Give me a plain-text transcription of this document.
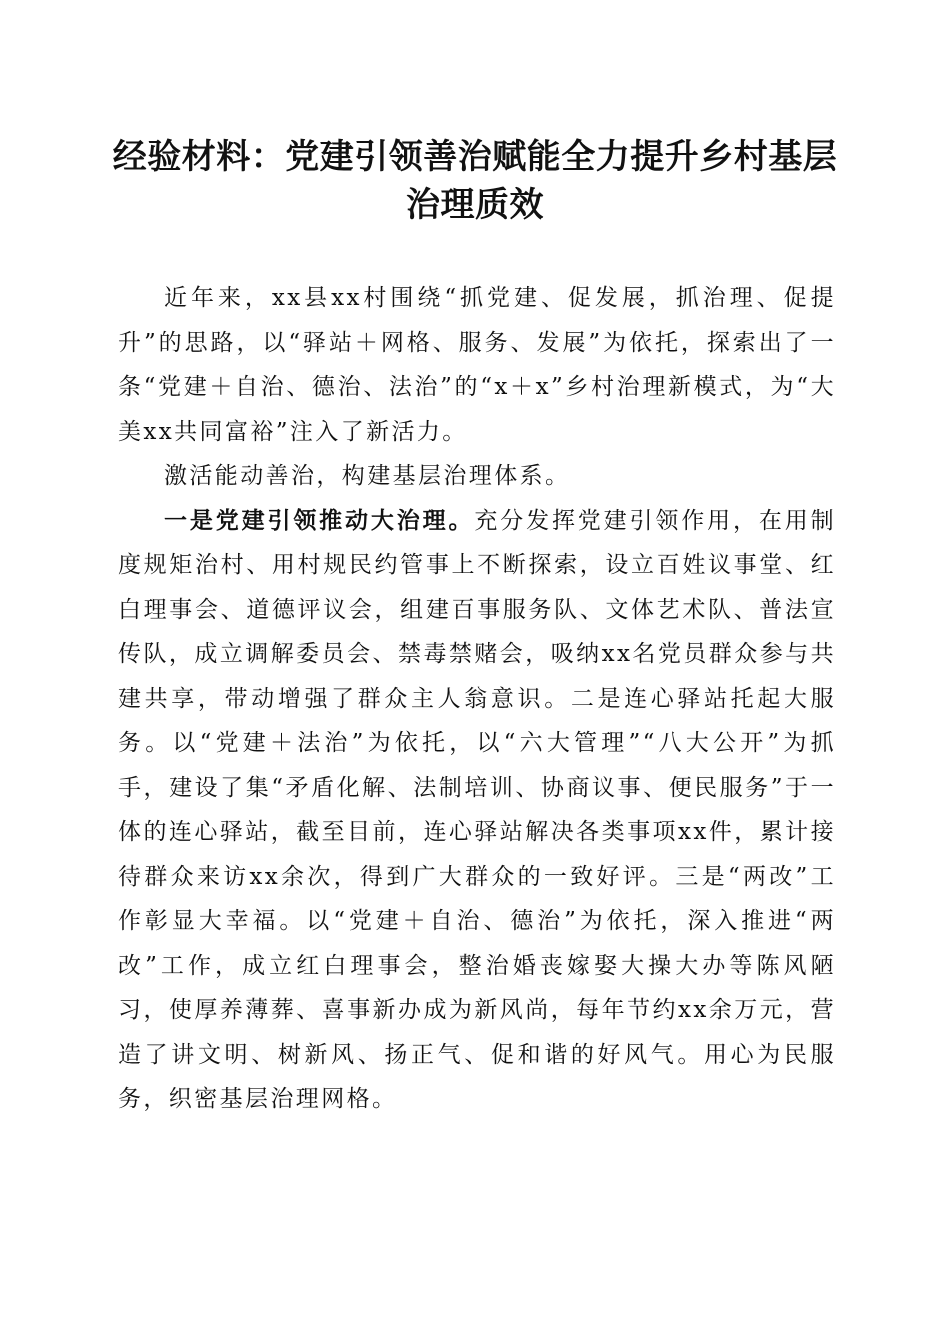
经验材料：党建引领善治赋能全力提升乡村基层治理质效

近年来，xx县xx村围绕“抓党建、促发展，抓治理、促提升”的思路，以“驿站＋网格、服务、发展”为依托，探索出了一条“党建＋自治、德治、法治”的“x＋x”乡村治理新模式，为“大美xx共同富裕”注入了新活力。

激活能动善治，构建基层治理体系。

一是党建引领推动大治理。充分发挥党建引领作用，在用制度规矩治村、用村规民约管事上不断探索，设立百姓议事堂、红白理事会、道德评议会，组建百事服务队、文体艺术队、普法宣传队，成立调解委员会、禁毒禁赌会，吸纳xx名党员群众参与共建共享，带动增强了群众主人翁意识。二是连心驿站托起大服务。以“党建＋法治”为依托，以“六大管理”“八大公开”为抓手，建设了集“矛盾化解、法制培训、协商议事、便民服务”于一体的连心驿站，截至目前，连心驿站解决各类事项xx件，累计接待群众来访xx余次，得到广大群众的一致好评。三是“两改”工作彰显大幸福。以“党建＋自治、德治”为依托，深入推进“两改”工作，成立红白理事会，整治婚丧嫁娶大操大办等陈风陋习，使厚养薄葬、喜事新办成为新风尚，每年节约xx余万元，营造了讲文明、树新风、扬正气、促和谐的好风气。用心为民服务，织密基层治理网格。
